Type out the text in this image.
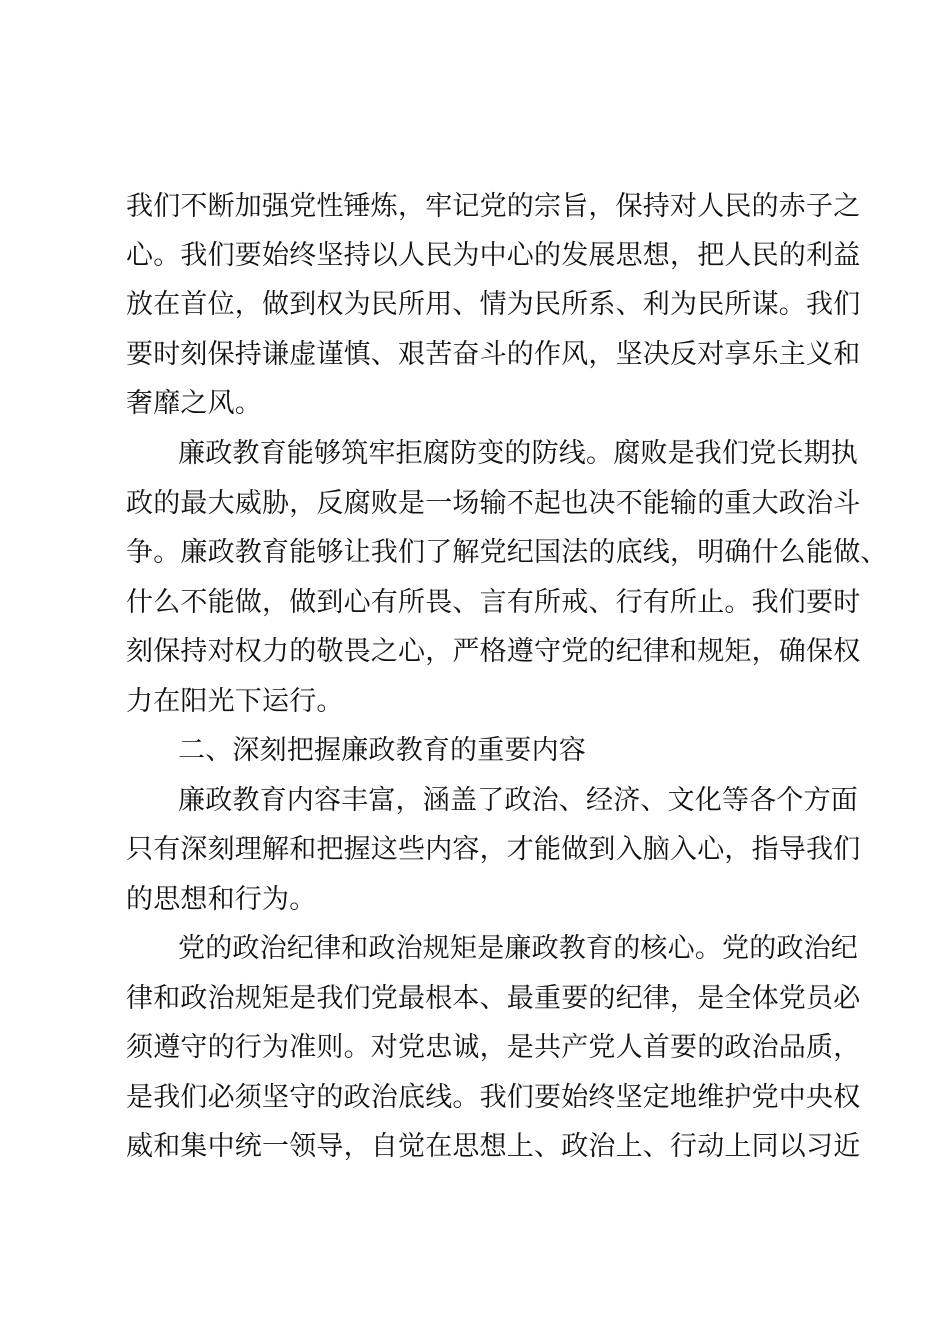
我们不断加强党性锤炼，牢记党的宗旨，保持对人民的赤子之
心。我们要始终坚持以人民为中心的发展思想，把人民的利益
放在首位，做到权为民所用、情为民所系、利为民所谋。我们
要时刻保持谦虚谨慎、艰苦奋斗的作风，坚决反对享乐主义和
奢靡之风。
廉政教育能够筑牢拒腐防变的防线。腐败是我们党长期执
政的最大威胁，反腐败是一场输不起也决不能输的重大政治斗
争。廉政教育能够让我们了解党纪国法的底线，明确什么能做、
什么不能做，做到心有所畏、言有所戒、行有所止。我们要时
刻保持对权力的敬畏之心，严格遵守党的纪律和规矩，确保权
力在阳光下运行。
二、深刻把握廉政教育的重要内容
廉政教育内容丰富，涵盖了政治、经济、文化等各个方面
只有深刻理解和把握这些内容，才能做到入脑入心，指导我们
的思想和行为。
党的政治纪律和政治规矩是廉政教育的核心。党的政治纪
律和政治规矩是我们党最根本、最重要的纪律，是全体党员必
须遵守的行为准则。对党忠诚，是共产党人首要的政治品质，
是我们必须坚守的政治底线。我们要始终坚定地维护党中央权
威和集中统一领导，自觉在思想上、政治上、行动上同以习近
